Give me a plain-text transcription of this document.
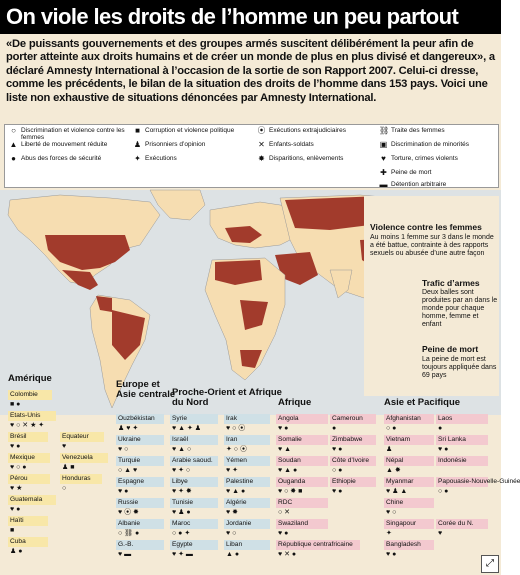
On viole les droits de l’homme un peu partout
«De puissants gouvernements et des groupes armés suscitent délibérément la peur afin de porter atteinte aux droits humains et de créer un monde de plus en plus divisé et dangereux», a déclaré Amnesty International à l’occasion de la sortie de son Rapport 2007. Celui-ci dresse, comme les précédents, le bilan de la situation des droits de l’homme dans 153 pays. Voici une liste non exhaustive de situations dénoncées par Amnesty International.
○ Discrimination et violence contre les femmes
▲ Liberté de mouvement réduite
● Abus des forces de sécurité
■ Corruption et violence politique
♟ Prisonniers d’opinion
✦ Exécutions
⦿ Exécutions extrajudiciaires
✕ Enfants-soldats
✸ Disparitions, enlèvements
⛓ Traite des femmes
▣ Discrimination de minorités
♥ Torture, crimes violents
✚ Peine de mort
▬ Détention arbitraire
Violence contre les femmes
Au moins 1 femme sur 3 dans le monde a été battue, contrainte à des rapports sexuels ou abusée d’une autre façon
Trafic d’armes
Deux balles sont produites par an dans le monde pour chaque homme, femme et enfant
Peine de mort
La peine de mort est toujours appliquée dans 69 pays
Amérique
Colombie
■ ●
Etats-Unis
♥ ○ ✕ ★ ✦
Brésil
♥ ●
Equateur
♥
Mexique
♥ ○ ●
Venezuela
♟ ■
Pérou
♥ ★
Honduras
○
Guatemala
♥ ●
Haïti
■
Cuba
♟ ●
Europe et Asie centrale
Ouzbékistan
♟ ♥ ✦
Ukraine
♥ ○
Turquie
○ ▲ ♥
Espagne
♥ ●
Russie
♥ ⦿ ✸
Albanie
○ ⛓ ●
G.-B.
♥ ▬
Proche-Orient et Afrique du Nord
Syrie
♥ ▲ ✦ ♟
Israël
♥ ▲ ○
Arabie saoud.
♥ ✦ ○
Libye
♥ ✦ ✸
Tunisie
♥ ♟ ●
Maroc
○ ● ✦
Egypte
♥ ✦ ▬
Irak
♥ ○ ⦿
Iran
✦ ○ ⦿
Yémen
♥ ✦
Palestine
♥ ▲ ●
Algérie
♥ ✸
Jordanie
♥ ○
Liban
▲ ●
Afrique
Angola
♥ ●
Somalie
♥ ▲
Soudan
♥ ▲ ●
Ouganda
♥ ○ ✸ ■
RDC
○ ✕
Swaziland
♥ ●
République centrafricaine
♥ ✕ ●
Cameroun
●
Zimbabwe
♥ ●
Côte d’Ivoire
○ ●
Ethiopie
♥ ●
Asie et Pacifique
Afghanistan
○ ●
Vietnam
♟
Népal
▲ ✸
Myanmar
♥ ♟ ▲
Chine
♥ ○
Singapour
✦
Bangladesh
♥ ●
Laos
●
Sri Lanka
♥ ●
Indonésie
Papouasie-Nouvelle-Guinée
○ ●
Corée du N.
♥
⤢
